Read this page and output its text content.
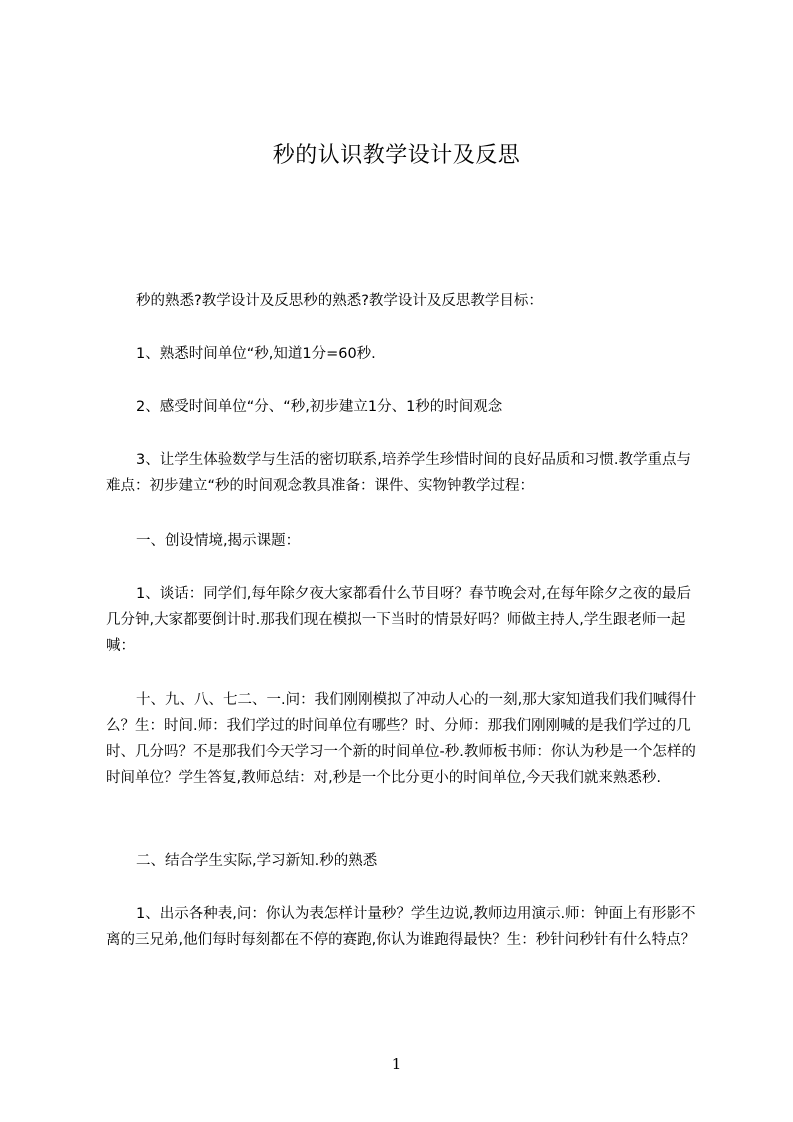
秒的认识教学设计及反思
秒的熟悉?教学设计及反思秒的熟悉?教学设计及反思教学目标：
1、熟悉时间单位“秒,知道1分=60秒.
2、感受时间单位“分、“秒,初步建立1分、1秒的时间观念
3、让学生体验数学与生活的密切联系,培养学生珍惜时间的良好品质和习惯.教学重点与难点：初步建立“秒的时间观念教具准备：课件、实物钟教学过程：
一、创设情境,揭示课题：
1、谈话：同学们,每年除夕夜大家都看什么节目呀？春节晚会对,在每年除夕之夜的最后几分钟,大家都要倒计时.那我们现在模拟一下当时的情景好吗？师做主持人,学生跟老师一起喊：
十、九、八、七二、一.问：我们刚刚模拟了冲动人心的一刻,那大家知道我们我们喊得什么？生：时间.师：我们学过的时间单位有哪些？时、分师：那我们刚刚喊的是我们学过的几时、几分吗？不是那我们今天学习一个新的时间单位-秒.教师板书师：你认为秒是一个怎样的时间单位？学生答复,教师总结：对,秒是一个比分更小的时间单位,今天我们就来熟悉秒.
二、结合学生实际,学习新知.秒的熟悉
1、出示各种表,问：你认为表怎样计量秒？学生边说,教师边用演示.师：钟面上有形影不离的三兄弟,他们每时每刻都在不停的赛跑,你认为谁跑得最快？生：秒针问秒针有什么特点？
1
